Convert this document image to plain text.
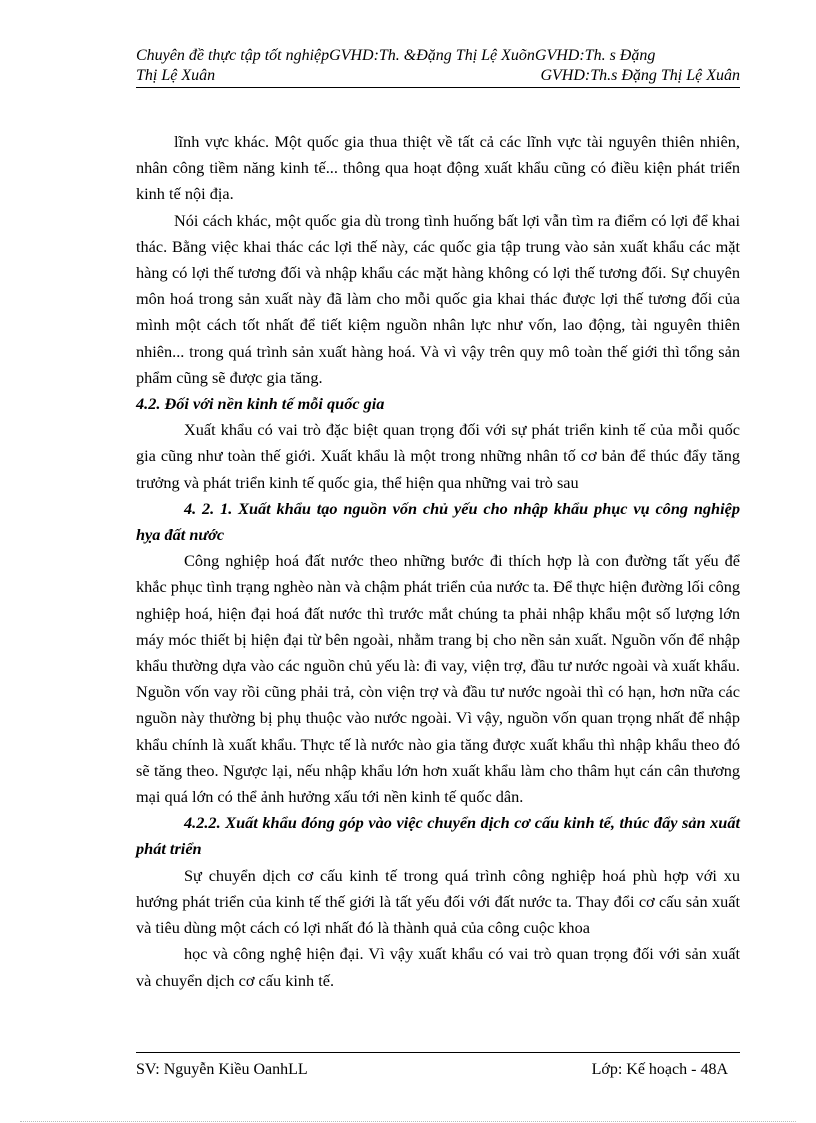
Chuyên đề thực tập tốt nghiệpGVHD:Th. &Đặng Thị Lệ XuõnGVHD:Th. s Đặng
Thị Lệ Xuân	GVHD:Th.s Đặng Thị Lệ Xuân

lĩnh vực khác. Một quốc gia thua thiệt về tất cả các lĩnh vực tài nguyên thiên nhiên, nhân công tiềm năng kinh tế... thông qua hoạt động xuất khẩu cũng có điều kiện phát triển kinh tế nội địa.

Nói cách khác, một quốc gia dù trong tình huống bất lợi vẫn tìm ra điểm có lợi để khai thác. Bằng việc khai thác các lợi thế này, các quốc gia tập trung vào sản xuất khẩu các mặt hàng có lợi thế tương đối và nhập khẩu các mặt hàng không có lợi thế tương đối. Sự chuyên môn hoá trong sản xuất này đã làm cho mỗi quốc gia khai thác được lợi thế tương đối của mình một cách tốt nhất để tiết kiệm nguồn nhân lực như vốn, lao động, tài nguyên thiên nhiên... trong quá trình sản xuất hàng hoá. Và vì vậy trên quy mô toàn thế giới thì tổng sản phẩm cũng sẽ được gia tăng.

4.2. Đối với nền kinh tế mỗi quốc gia

Xuất khẩu có vai trò đặc biệt quan trọng đối với sự phát triển kinh tế của mỗi quốc gia cũng như toàn thế giới. Xuất khẩu là một trong những nhân tố cơ bản để thúc đẩy tăng trưởng và phát triển kinh tế quốc gia, thể hiện qua những vai trò sau

4. 2. 1. Xuất khẩu tạo nguồn vốn chủ yếu cho nhập khẩu phục vụ công nghiệp hỵa đất nước

Công nghiệp hoá đất nước theo những bước đi thích hợp là con đường tất yếu để khắc phục tình trạng nghèo nàn và chậm phát triển của nước ta. Để thực hiện đường lối công nghiệp hoá, hiện đại hoá đất nước thì trước mắt chúng ta phải nhập khẩu một số lượng lớn máy móc thiết bị hiện đại từ bên ngoài, nhằm trang bị cho nền sản xuất. Nguồn vốn để nhập khẩu thường dựa vào các nguồn chủ yếu là: đi vay, viện trợ, đầu tư nước ngoài và xuất khẩu. Nguồn vốn vay rồi cũng phải trả, còn viện trợ và đầu tư nước ngoài thì có hạn, hơn nữa các nguồn này thường bị phụ thuộc vào nước ngoài. Vì vậy, nguồn vốn quan trọng nhất để nhập khẩu chính là xuất khẩu. Thực tế là nước nào gia tăng được xuất khẩu thì nhập khẩu theo đó sẽ tăng theo. Ngược lại, nếu nhập khẩu lớn hơn xuất khẩu làm cho thâm hụt cán cân thương mại quá lớn có thể ảnh hưởng xấu tới nền kinh tế quốc dân.

4.2.2. Xuất khẩu đóng góp vào việc chuyển dịch cơ cấu kinh tế, thúc đẩy sản xuất phát triển

Sự chuyển dịch cơ cấu kinh tế trong quá trình công nghiệp hoá phù hợp với xu hướng phát triển của kinh tế thế giới là tất yếu đối với đất nước ta. Thay đổi cơ cấu sản xuất và tiêu dùng một cách có lợi nhất đó là thành quả của công cuộc khoa

học và công nghệ hiện đại. Vì vậy xuất khẩu có vai trò quan trọng đối với sản xuất và chuyển dịch cơ cấu kinh tế.

SV: Nguyễn Kiều OanhLL	Lớp: Kế hoạch - 48A
